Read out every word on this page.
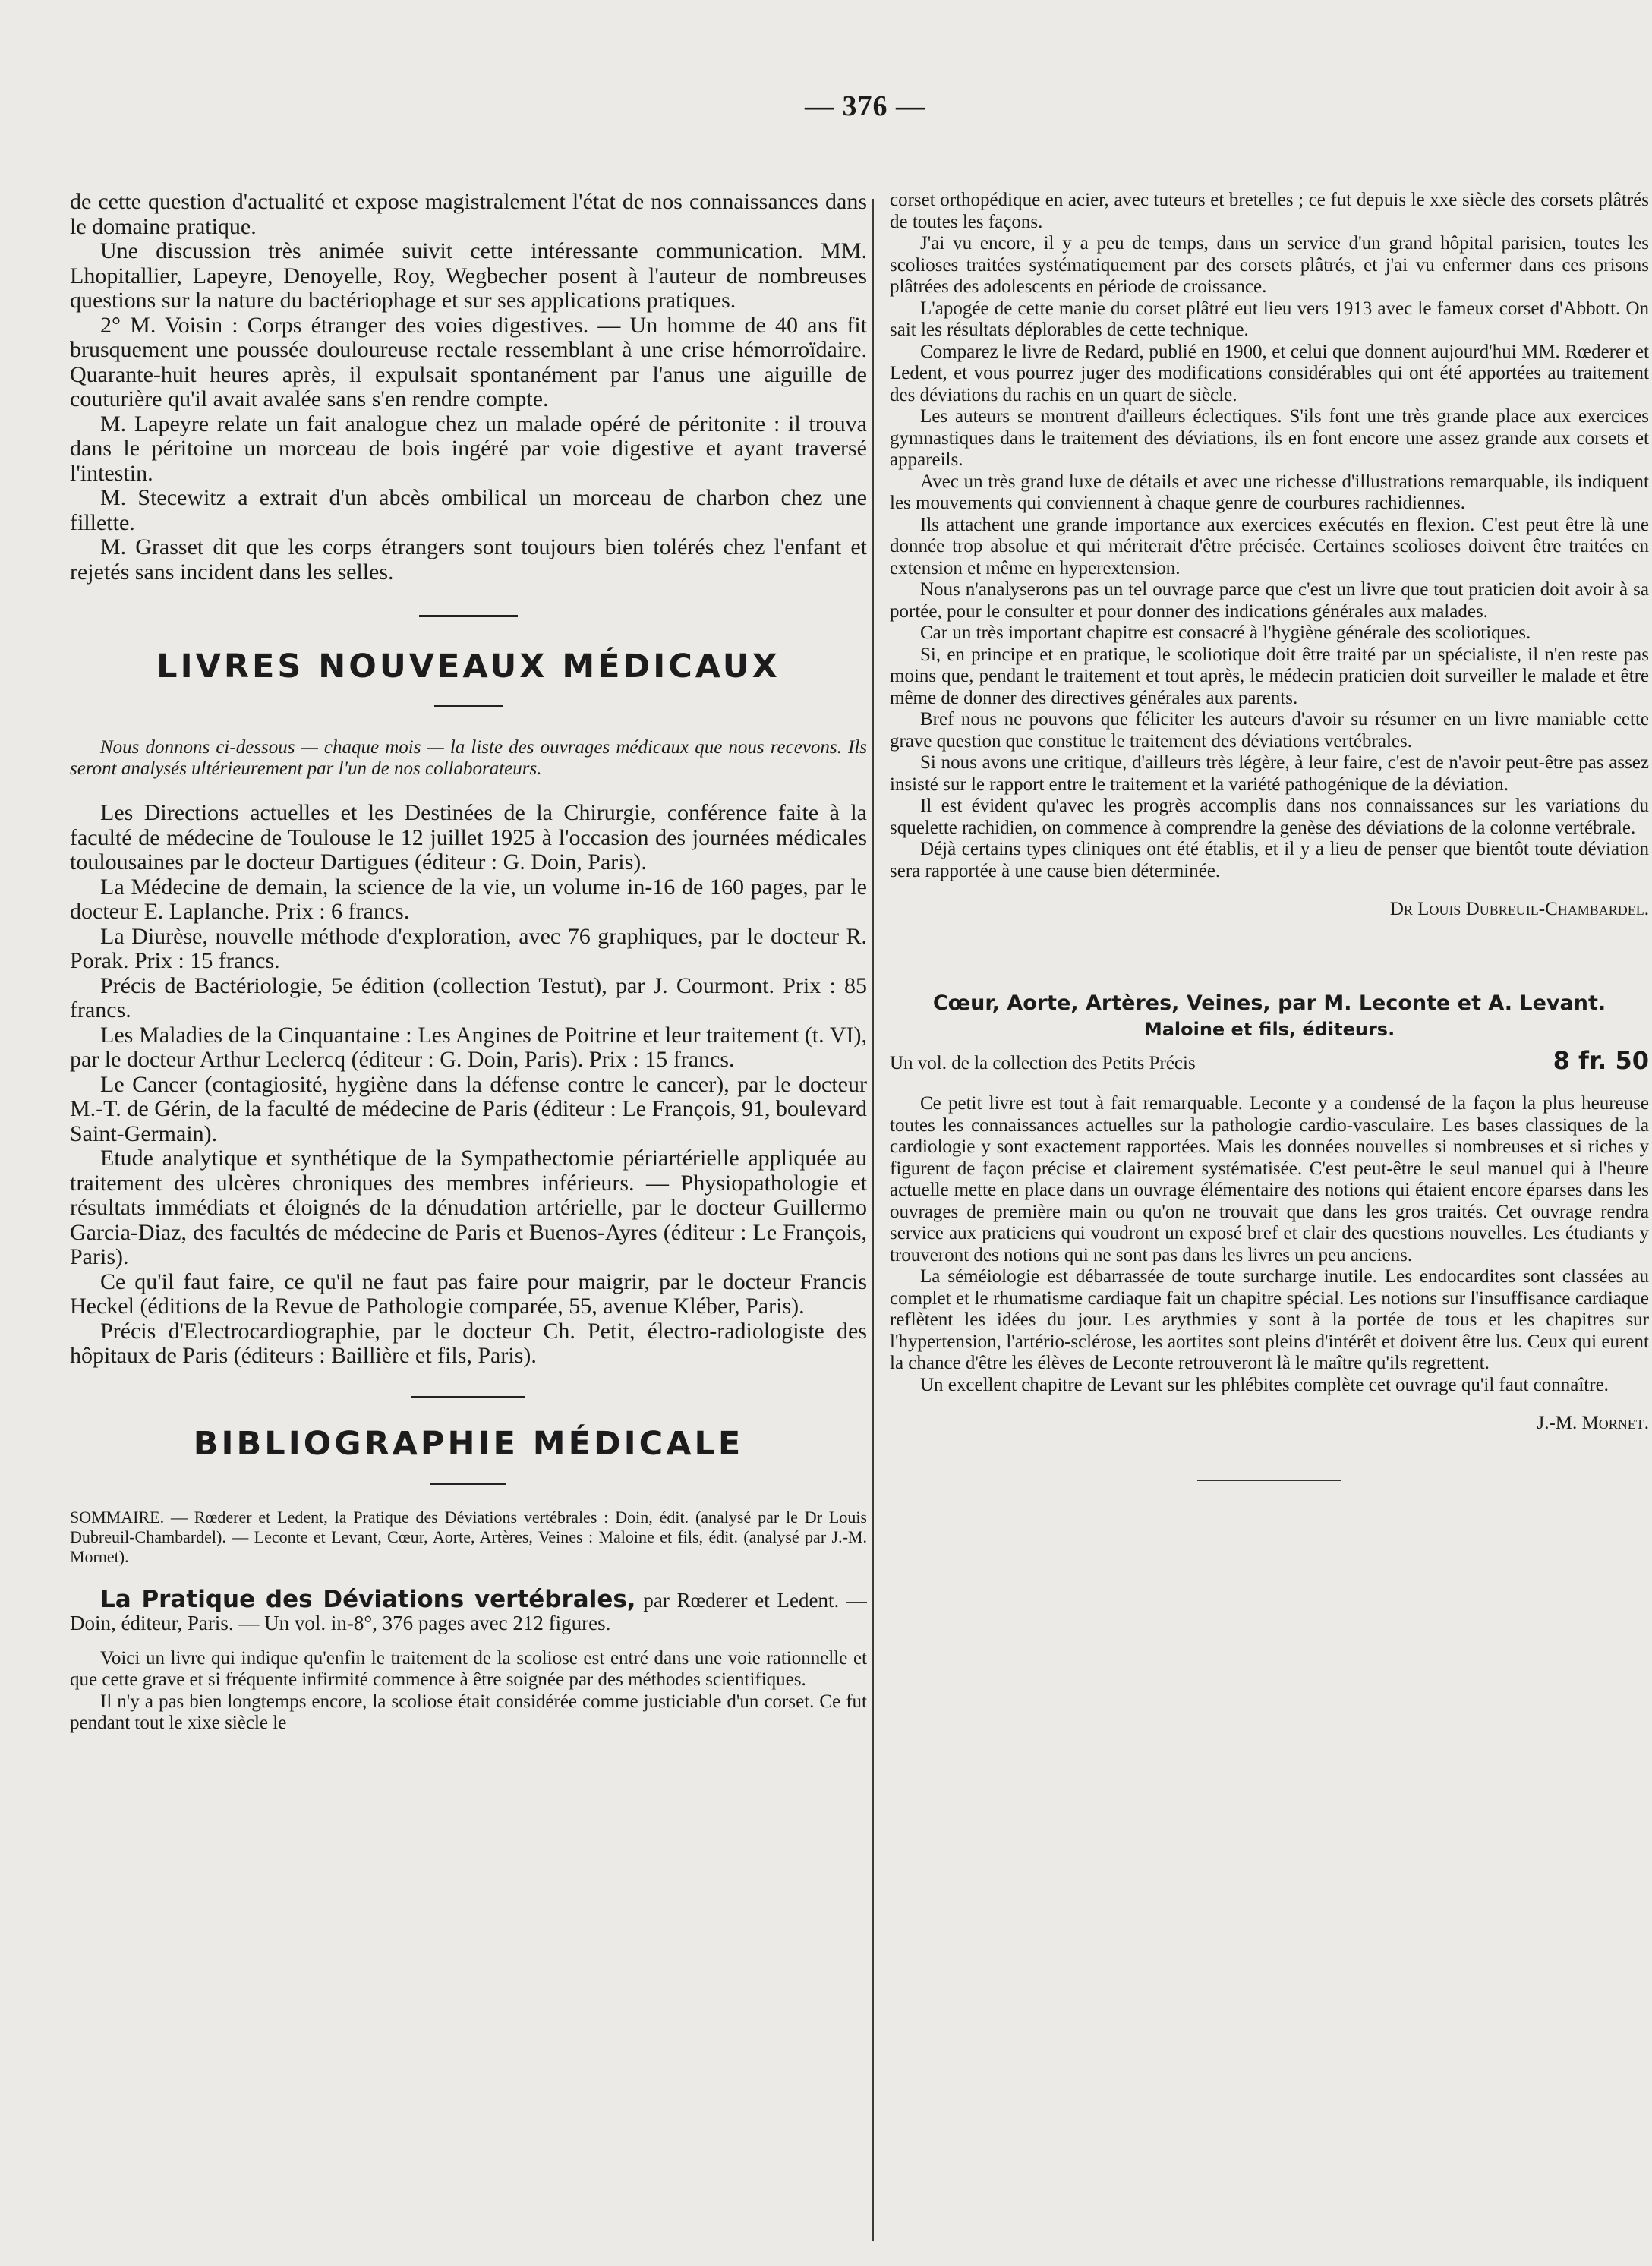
— 376 —

de cette question d'actualité et expose magistralement l'état de nos connaissances dans le domaine pratique.

Une discussion très animée suivit cette intéressante communication. MM. Lhopitallier, Lapeyre, Denoyelle, Roy, Wegbecher posent à l'auteur de nombreuses questions sur la nature du bactériophage et sur ses applications pratiques.

2° M. Voisin : Corps étranger des voies digestives. — Un homme de 40 ans fit brusquement une poussée douloureuse rectale ressemblant à une crise hémorroïdaire. Quarante-huit heures après, il expulsait spontanément par l'anus une aiguille de couturière qu'il avait avalée sans s'en rendre compte.

M. Lapeyre relate un fait analogue chez un malade opéré de péritonite : il trouva dans le péritoine un morceau de bois ingéré par voie digestive et ayant traversé l'intestin.

M. Stecewitz a extrait d'un abcès ombilical un morceau de charbon chez une fillette.

M. Grasset dit que les corps étrangers sont toujours bien tolérés chez l'enfant et rejetés sans incident dans les selles.

LIVRES NOUVEAUX MÉDICAUX

Nous donnons ci-dessous — chaque mois — la liste des ouvrages médicaux que nous recevons. Ils seront analysés ultérieurement par l'un de nos collaborateurs.

Les Directions actuelles et les Destinées de la Chirurgie, conférence faite à la faculté de médecine de Toulouse le 12 juillet 1925 à l'occasion des journées médicales toulousaines par le docteur Dartigues (éditeur : G. Doin, Paris).

La Médecine de demain, la science de la vie, un volume in-16 de 160 pages, par le docteur E. Laplanche. Prix : 6 francs.

La Diurèse, nouvelle méthode d'exploration, avec 76 graphiques, par le docteur R. Porak. Prix : 15 francs.

Précis de Bactériologie, 5e édition (collection Testut), par J. Courmont. Prix : 85 francs.

Les Maladies de la Cinquantaine : Les Angines de Poitrine et leur traitement (t. VI), par le docteur Arthur Leclercq (éditeur : G. Doin, Paris). Prix : 15 francs.

Le Cancer (contagiosité, hygiène dans la défense contre le cancer), par le docteur M.-T. de Gérin, de la faculté de médecine de Paris (éditeur : Le François, 91, boulevard Saint-Germain).

Etude analytique et synthétique de la Sympathectomie périartérielle appliquée au traitement des ulcères chroniques des membres inférieurs. — Physiopathologie et résultats immédiats et éloignés de la dénudation artérielle, par le docteur Guillermo Garcia-Diaz, des facultés de médecine de Paris et Buenos-Ayres (éditeur : Le François, Paris).

Ce qu'il faut faire, ce qu'il ne faut pas faire pour maigrir, par le docteur Francis Heckel (éditions de la Revue de Pathologie comparée, 55, avenue Kléber, Paris).

Précis d'Electrocardiographie, par le docteur Ch. Petit, électro-radiologiste des hôpitaux de Paris (éditeurs : Baillière et fils, Paris).

BIBLIOGRAPHIE MÉDICALE

SOMMAIRE. — Rœderer et Ledent, la Pratique des Déviations vertébrales : Doin, édit. (analysé par le Dr Louis Dubreuil-Chambardel). — Leconte et Levant, Cœur, Aorte, Artères, Veines : Maloine et fils, édit. (analysé par J.-M. Mornet).

La Pratique des Déviations vertébrales, par Rœderer et Ledent. — Doin, éditeur, Paris. — Un vol. in-8°, 376 pages avec 212 figures.

Voici un livre qui indique qu'enfin le traitement de la scoliose est entré dans une voie rationnelle et que cette grave et si fréquente infirmité commence à être soignée par des méthodes scientifiques.

Il n'y a pas bien longtemps encore, la scoliose était considérée comme justiciable d'un corset. Ce fut pendant tout le xixe siècle le

corset orthopédique en acier, avec tuteurs et bretelles ; ce fut depuis le xxe siècle des corsets plâtrés de toutes les façons.

J'ai vu encore, il y a peu de temps, dans un service d'un grand hôpital parisien, toutes les scolioses traitées systématiquement par des corsets plâtrés, et j'ai vu enfermer dans ces prisons plâtrées des adolescents en période de croissance.

L'apogée de cette manie du corset plâtré eut lieu vers 1913 avec le fameux corset d'Abbott. On sait les résultats déplorables de cette technique.

Comparez le livre de Redard, publié en 1900, et celui que donnent aujourd'hui MM. Rœderer et Ledent, et vous pourrez juger des modifications considérables qui ont été apportées au traitement des déviations du rachis en un quart de siècle.

Les auteurs se montrent d'ailleurs éclectiques. S'ils font une très grande place aux exercices gymnastiques dans le traitement des déviations, ils en font encore une assez grande aux corsets et appareils.

Avec un très grand luxe de détails et avec une richesse d'illustrations remarquable, ils indiquent les mouvements qui conviennent à chaque genre de courbures rachidiennes.

Ils attachent une grande importance aux exercices exécutés en flexion. C'est peut être là une donnée trop absolue et qui mériterait d'être précisée. Certaines scolioses doivent être traitées en extension et même en hyperextension.

Nous n'analyserons pas un tel ouvrage parce que c'est un livre que tout praticien doit avoir à sa portée, pour le consulter et pour donner des indications générales aux malades.

Car un très important chapitre est consacré à l'hygiène générale des scoliotiques.

Si, en principe et en pratique, le scoliotique doit être traité par un spécialiste, il n'en reste pas moins que, pendant le traitement et tout après, le médecin praticien doit surveiller le malade et être même de donner des directives générales aux parents.

Bref nous ne pouvons que féliciter les auteurs d'avoir su résumer en un livre maniable cette grave question que constitue le traitement des déviations vertébrales.

Si nous avons une critique, d'ailleurs très légère, à leur faire, c'est de n'avoir peut-être pas assez insisté sur le rapport entre le traitement et la variété pathogénique de la déviation.

Il est évident qu'avec les progrès accomplis dans nos connaissances sur les variations du squelette rachidien, on commence à comprendre la genèse des déviations de la colonne vertébrale.

Déjà certains types cliniques ont été établis, et il y a lieu de penser que bientôt toute déviation sera rapportée à une cause bien déterminée.

Dr Louis Dubreuil-Chambardel.

Cœur, Aorte, Artères, Veines, par M. Leconte et A. Levant.
Maloine et fils, éditeurs.
Un vol. de la collection des Petits Précis	8 fr. 50

Ce petit livre est tout à fait remarquable. Leconte y a condensé de la façon la plus heureuse toutes les connaissances actuelles sur la pathologie cardio-vasculaire. Les bases classiques de la cardiologie y sont exactement rapportées. Mais les données nouvelles si nombreuses et si riches y figurent de façon précise et clairement systématisée. C'est peut-être le seul manuel qui à l'heure actuelle mette en place dans un ouvrage élémentaire des notions qui étaient encore éparses dans les ouvrages de première main ou qu'on ne trouvait que dans les gros traités. Cet ouvrage rendra service aux praticiens qui voudront un exposé bref et clair des questions nouvelles. Les étudiants y trouveront des notions qui ne sont pas dans les livres un peu anciens.

La séméiologie est débarrassée de toute surcharge inutile. Les endocardites sont classées au complet et le rhumatisme cardiaque fait un chapitre spécial. Les notions sur l'insuffisance cardiaque reflètent les idées du jour. Les arythmies y sont à la portée de tous et les chapitres sur l'hypertension, l'artério-sclérose, les aortites sont pleins d'intérêt et doivent être lus. Ceux qui eurent la chance d'être les élèves de Leconte retrouveront là le maître qu'ils regrettent.

Un excellent chapitre de Levant sur les phlébites complète cet ouvrage qu'il faut connaître.

J.-M. Mornet.
